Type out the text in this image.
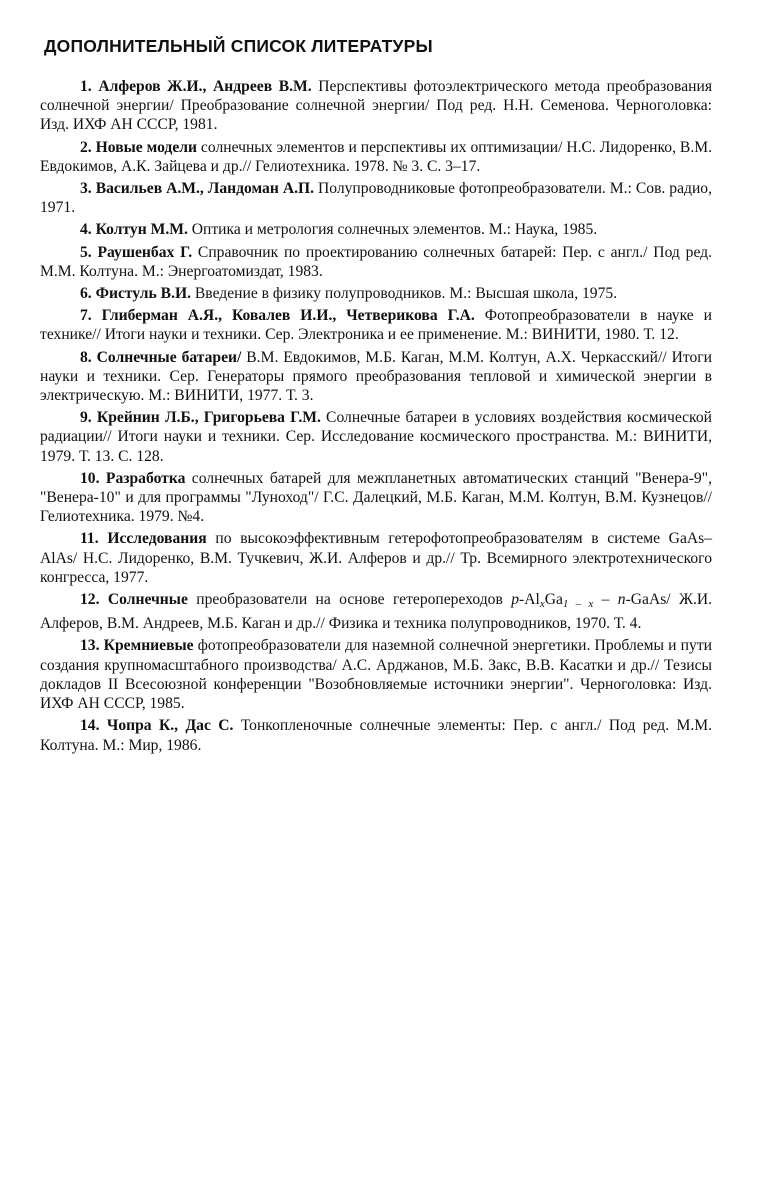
ДОПОЛНИТЕЛЬНЫЙ СПИСОК ЛИТЕРАТУРЫ
1. Алферов Ж.И., Андреев В.М. Перспективы фотоэлектрического метода преобразования солнечной энергии/ Преобразование солнечной энергии/ Под ред. Н.Н. Семенова. Черноголовка: Изд. ИХФ АН СССР, 1981.
2. Новые модели солнечных элементов и перспективы их оптимизации/ Н.С. Лидоренко, В.М. Евдокимов, А.К. Зайцева и др.// Гелиотехника. 1978. № 3. С. 3–17.
3. Васильев А.М., Ландоман А.П. Полупроводниковые фотопреобразователи. М.: Сов. радио, 1971.
4. Колтун М.М. Оптика и метрология солнечных элементов. М.: Наука, 1985.
5. Раушенбах Г. Справочник по проектированию солнечных батарей: Пер. с англ./ Под ред. М.М. Колтуна. М.: Энергоатомиздат, 1983.
6. Фистуль В.И. Введение в физику полупроводников. М.: Высшая школа, 1975.
7. Глиберман А.Я., Ковалев И.И., Четверикова Г.А. Фотопреобразователи в науке и технике// Итоги науки и техники. Сер. Электроника и ее применение. М.: ВИНИТИ, 1980. Т. 12.
8. Солнечные батареи/ В.М. Евдокимов, М.Б. Каган, М.М. Колтун, А.Х. Черкасский// Итоги науки и техники. Сер. Генераторы прямого преобразования тепловой и химической энергии в электрическую. М.: ВИНИТИ, 1977. Т. 3.
9. Крейнин Л.Б., Григорьева Г.М. Солнечные батареи в условиях воздействия космической радиации// Итоги науки и техники. Сер. Исследование космического пространства. М.: ВИНИТИ, 1979. Т. 13. С. 128.
10. Разработка солнечных батарей для межпланетных автоматических станций "Венера-9", "Венера-10" и для программы "Луноход"/ Г.С. Далецкий, М.Б. Каган, М.М. Колтун, В.М. Кузнецов// Гелиотехника. 1979. №4.
11. Исследования по высокоэффективным гетерофотопреобразователям в системе GaAs–AlAs/ Н.С. Лидоренко, В.М. Тучкевич, Ж.И. Алферов и др.// Тр. Всемирного электротехнического конгресса, 1977.
12. Солнечные преобразователи на основе гетеропереходов $p-Al_xGa_{1 - x}$ – n-GaAs/ Ж.И. Алферов, В.М. Андреев, М.Б. Каган и др.// Физика и техника полупроводников, 1970. Т. 4.
13. Кремниевые фотопреобразователи для наземной солнечной энергетики. Проблемы и пути создания крупномасштабного производства/ А.С. Арджанов, М.Б. Закс, В.В. Касатки и др.// Тезисы докладов II Всесоюзной конференции "Возобновляемые источники энергии". Черноголовка: Изд. ИХФ АН СССР, 1985.
14. Чопра К., Дас С. Тонкопленочные солнечные элементы: Пер. с англ./ Под ред. М.М. Колтуна. М.: Мир, 1986.
